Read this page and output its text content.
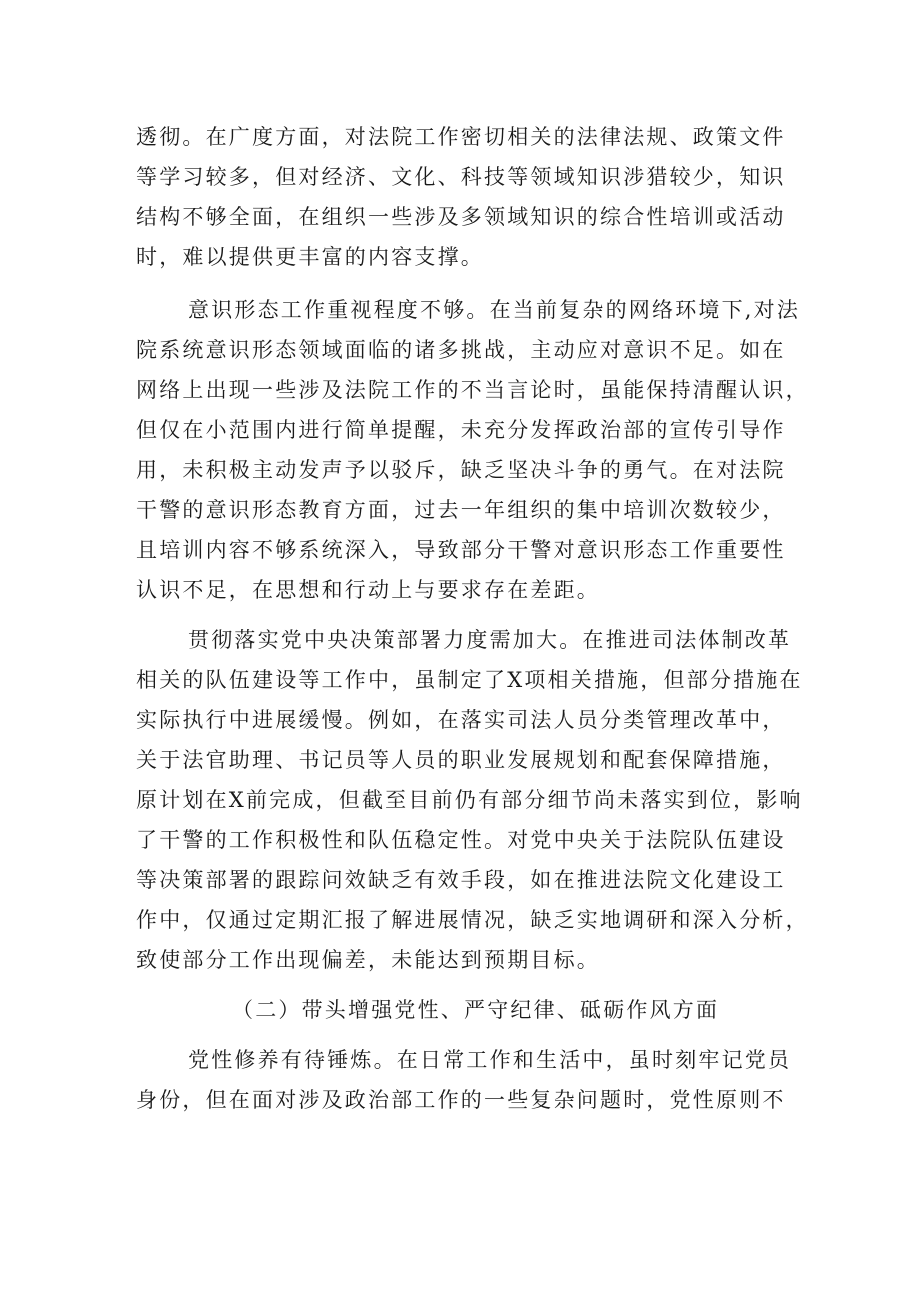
透彻。在广度方面，对法院工作密切相关的法律法规、政策文件
等学习较多，但对经济、文化、科技等领域知识涉猎较少，知识
结构不够全面，在组织一些涉及多领域知识的综合性培训或活动
时，难以提供更丰富的内容支撑。
意识形态工作重视程度不够。在当前复杂的网络环境下,对法
院系统意识形态领域面临的诸多挑战，主动应对意识不足。如在
网络上出现一些涉及法院工作的不当言论时，虽能保持清醒认识，
但仅在小范围内进行简单提醒，未充分发挥政治部的宣传引导作
用，未积极主动发声予以驳斥，缺乏坚决斗争的勇气。在对法院
干警的意识形态教育方面，过去一年组织的集中培训次数较少，
且培训内容不够系统深入，导致部分干警对意识形态工作重要性
认识不足，在思想和行动上与要求存在差距。
贯彻落实党中央决策部署力度需加大。在推进司法体制改革
相关的队伍建设等工作中，虽制定了X项相关措施，但部分措施在
实际执行中进展缓慢。例如，在落实司法人员分类管理改革中，
关于法官助理、书记员等人员的职业发展规划和配套保障措施，
原计划在X前完成，但截至目前仍有部分细节尚未落实到位，影响
了干警的工作积极性和队伍稳定性。对党中央关于法院队伍建设
等决策部署的跟踪问效缺乏有效手段，如在推进法院文化建设工
作中，仅通过定期汇报了解进展情况，缺乏实地调研和深入分析，
致使部分工作出现偏差，未能达到预期目标。
（二）带头增强党性、严守纪律、砥砺作风方面
党性修养有待锤炼。在日常工作和生活中，虽时刻牢记党员
身份，但在面对涉及政治部工作的一些复杂问题时，党性原则不
